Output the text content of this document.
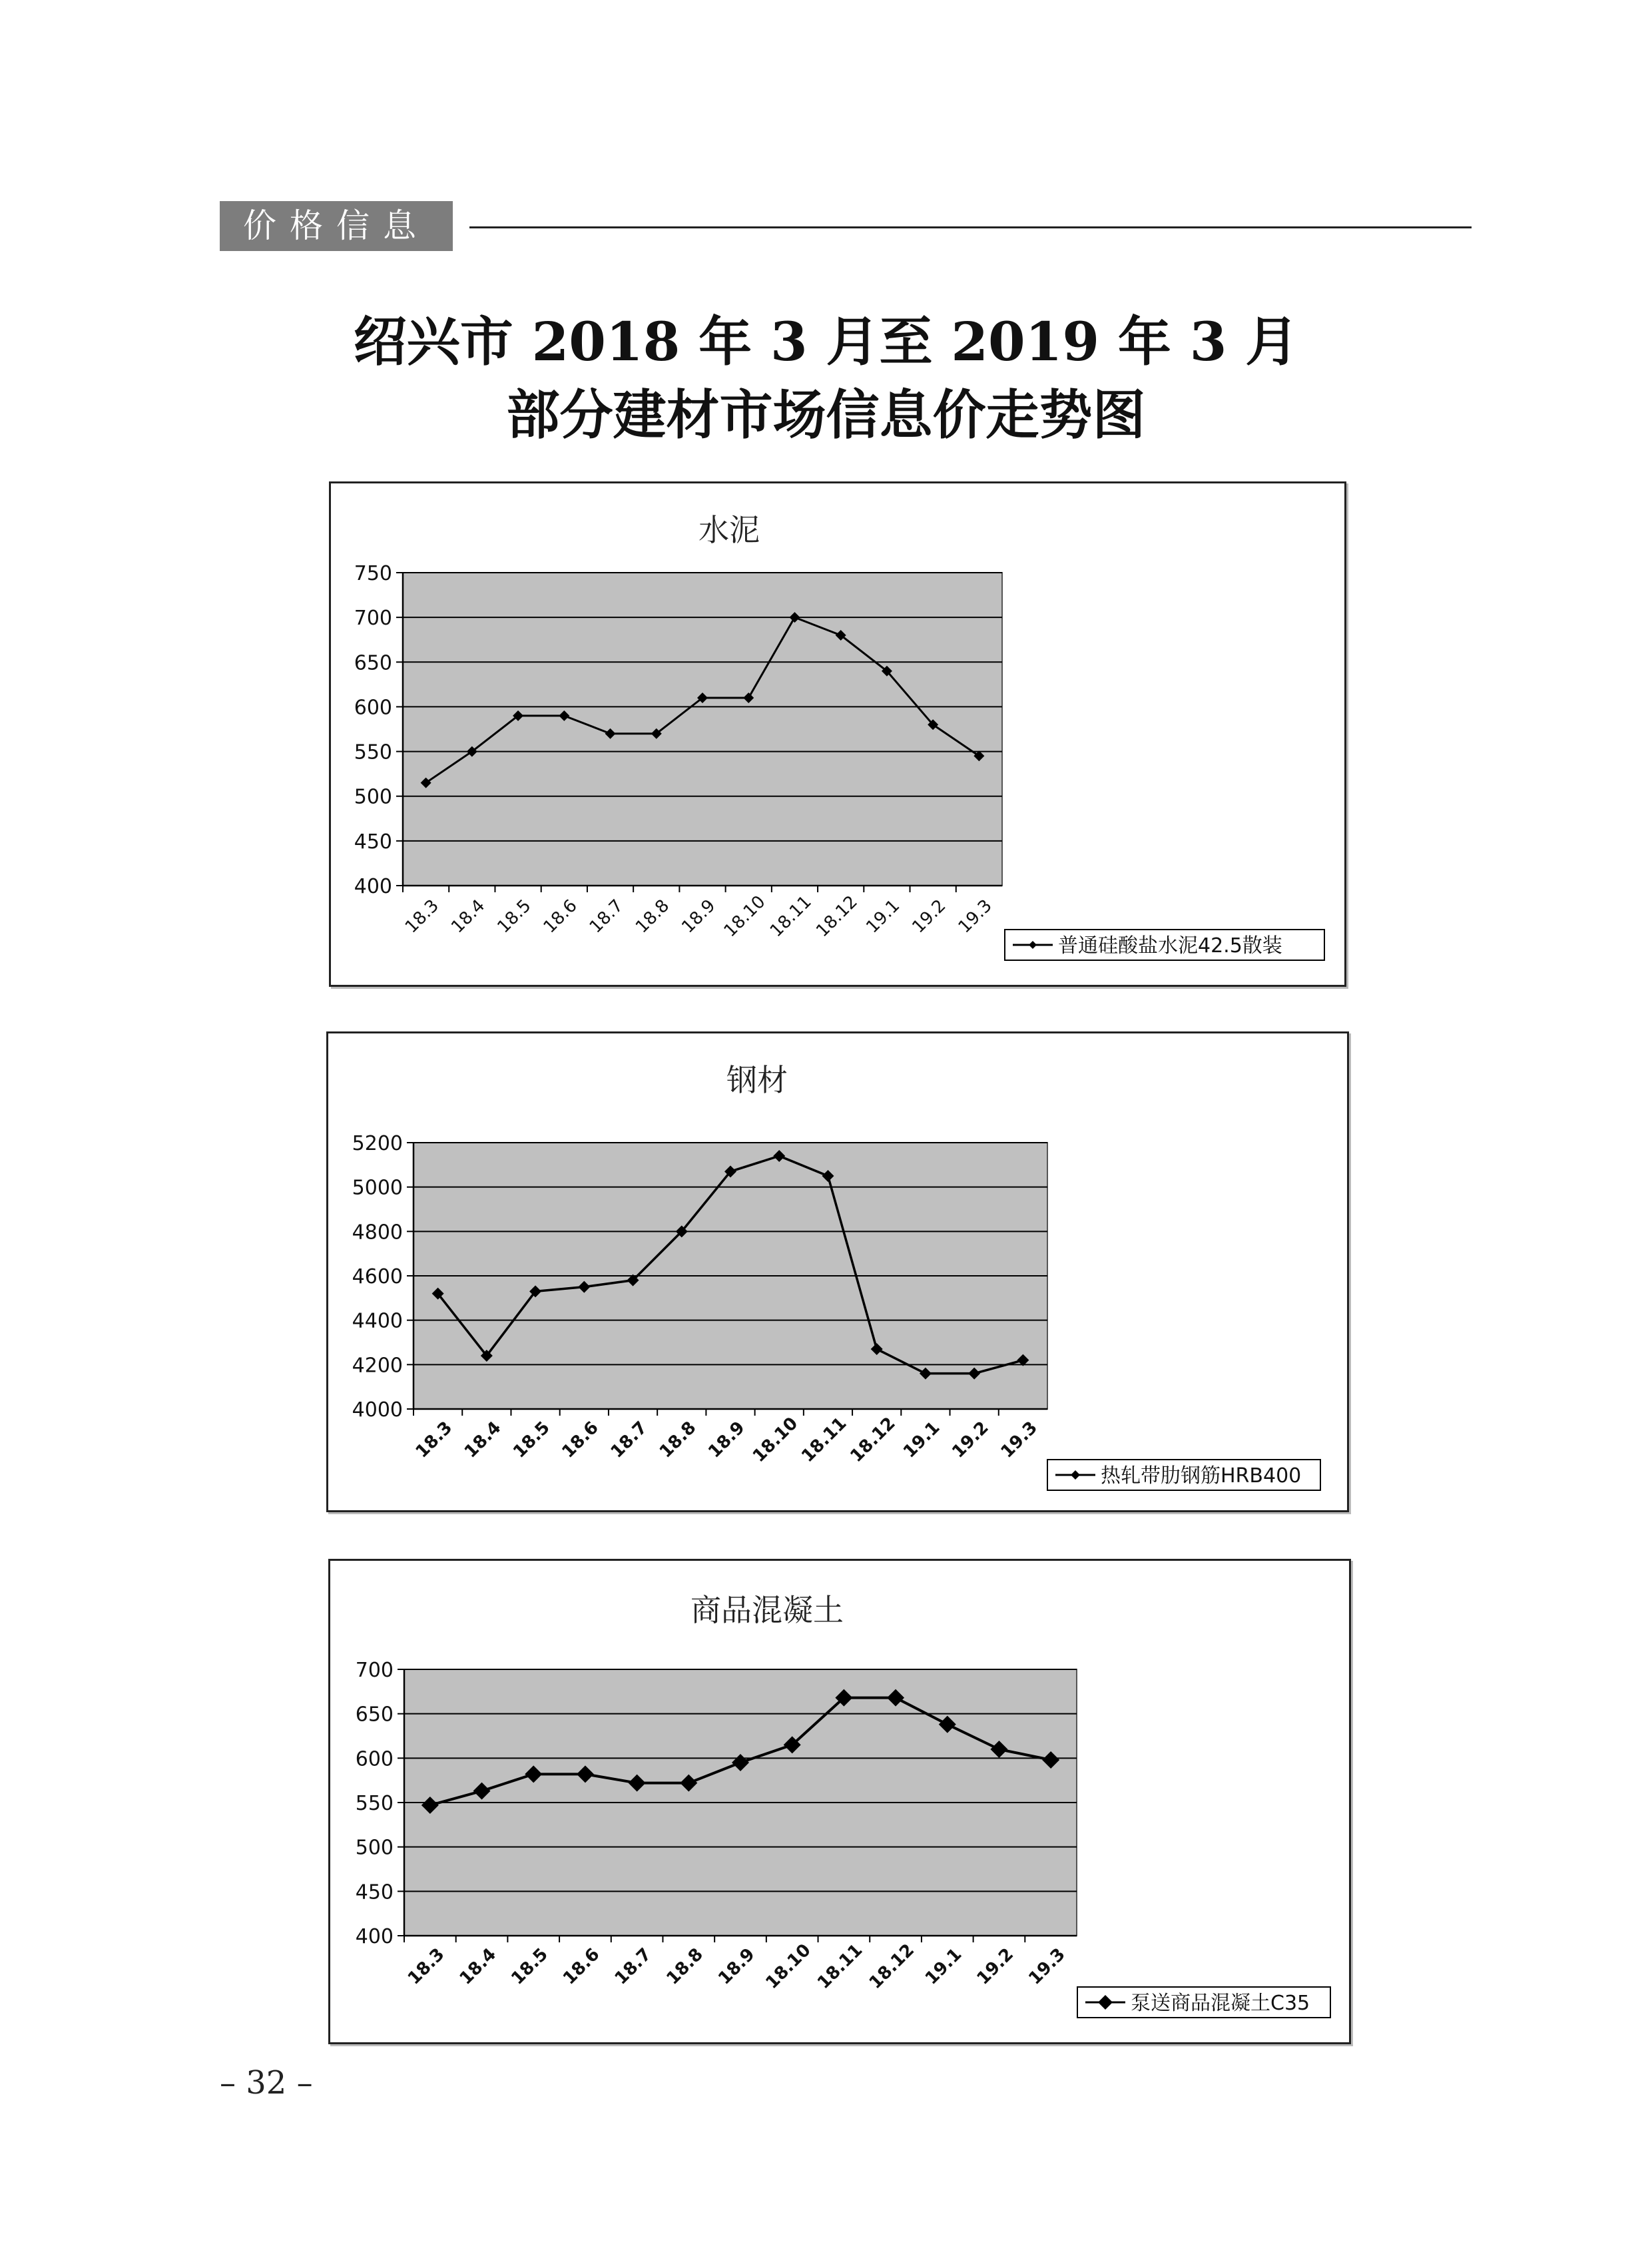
价格信息
绍兴市 2018 年 3 月至 2019 年 3 月
部分建材市场信息价走势图
水泥
750
700
650
600
550
500
450
400
18.3 18.4 18.5 18.6 18.7 18.8 18.9 18.10
18.11
18.12 19.1 19.2 19.3
普通硅酸盐水泥42.5散装
钢材
5200
5000
4800
4600
4400
4200
4000
18.3 18.4 18.5 18.6 18.7 18.8 18.9 18.10
18.11
18.12 19.1 19.2 19.3
热轧带肋钢筋HRB400
商品混凝土
700
650
600
550
500
450
400
18.3 18.4 18.5 18.6 18.7 18.8 18.9 18.10
18.11
18.12 19.1 19.2 19.3
泵送商品混凝土C35
– 32 –
